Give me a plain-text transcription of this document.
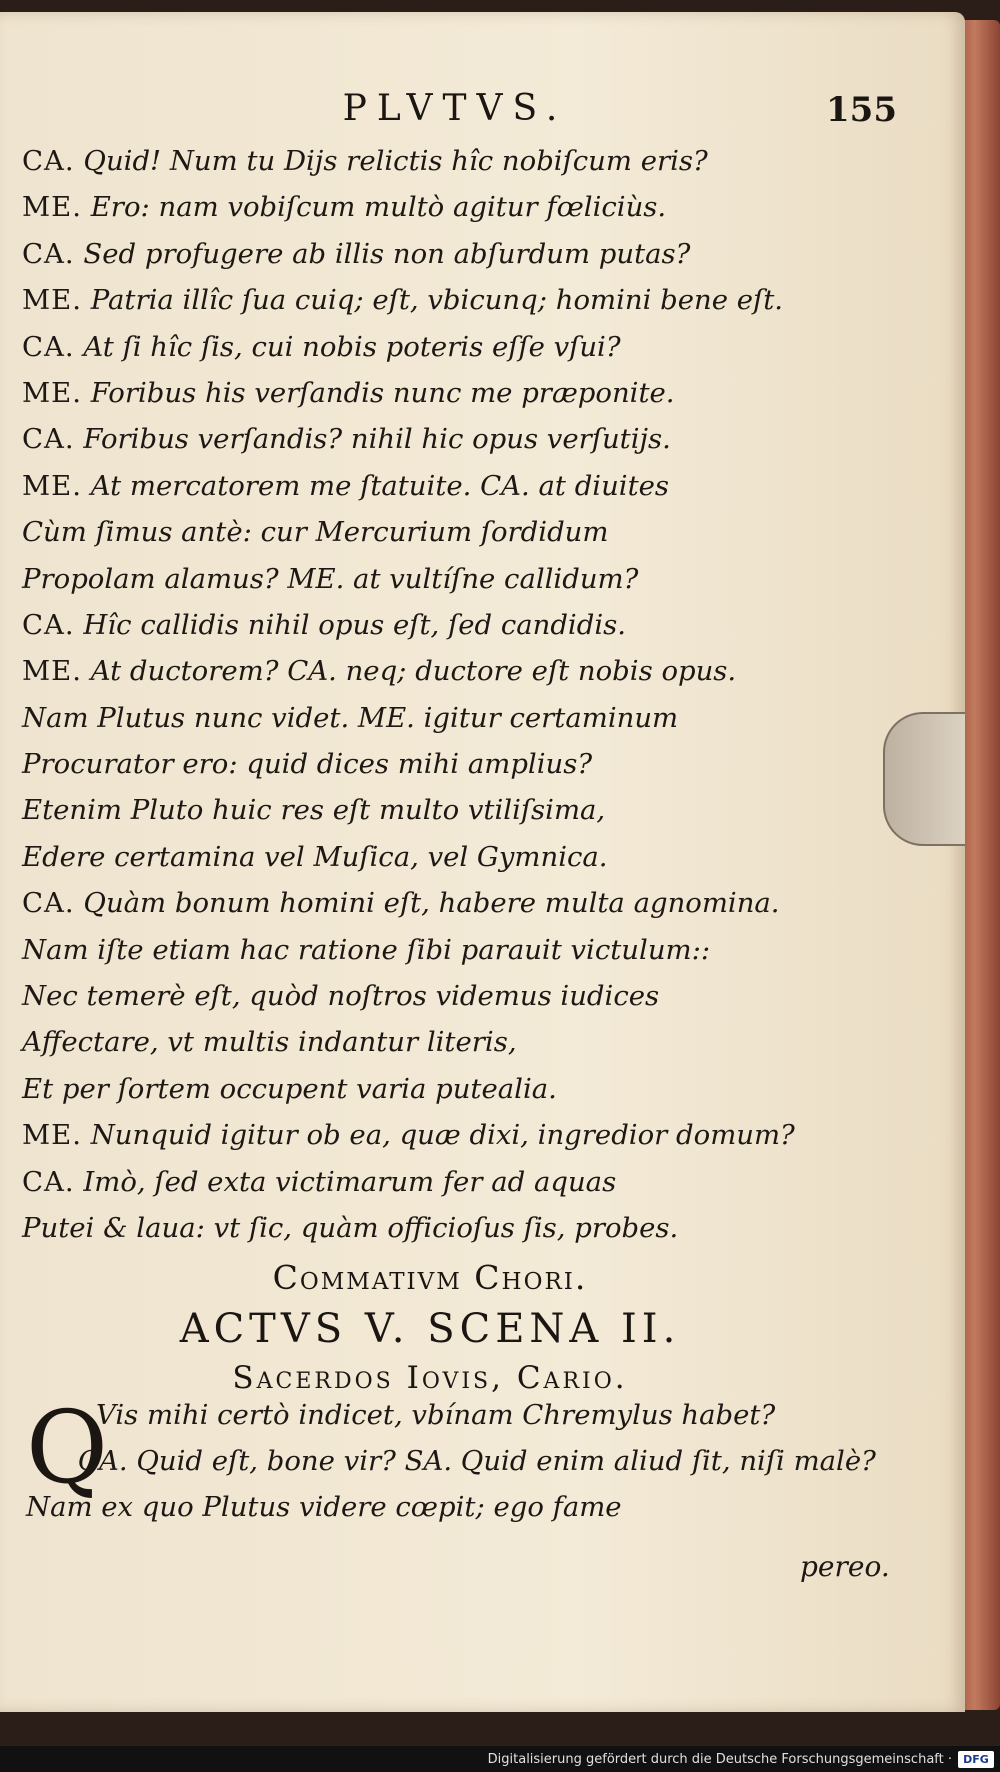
PLVTVS.	155
CA. Quid! Num tu Dijs relictis hîc nobiſcum eris?
ME. Ero: nam vobiſcum multò agitur fœliciùs.
CA. Sed profugere ab illis non abſurdum putas?
ME. Patria illîc ſua cuiq; eſt, vbicunq; homini bene eſt.
CA. At ſi hîc ſis, cui nobis poteris eſſe vſui?
ME. Foribus his verſandis nunc me præponite.
CA. Foribus verſandis? nihil hic opus verſutijs.
ME. At mercatorem me ſtatuite. CA. at diuites
Cùm ſimus antè: cur Mercurium ſordidum
Propolam alamus? ME. at vultíſne callidum?
CA. Hîc callidis nihil opus eſt, ſed candidis.
ME. At ductorem? CA. neq; ductore eſt nobis opus.
Nam Plutus nunc videt. ME. igitur certaminum
Procurator ero: quid dices mihi amplius?
Etenim Pluto huic res eſt multo vtiliſsima,
Edere certamina vel Muſica, vel Gymnica.
CA. Quàm bonum homini eſt, habere multa agnomina.
Nam iſte etiam hac ratione ſibi parauit victulum::
Nec temerè eſt, quòd noſtros videmus iudices
Affectare, vt multis indantur literis,
Et per ſortem occupent varia putealia.
ME. Nunquid igitur ob ea, quæ dixi, ingredior domum?
CA. Imò, ſed exta victimarum fer ad aquas
Putei & laua: vt ſic, quàm officioſus ſis, probes.
Commativm Chori.
ACTVS V. SCENA II.
Sacerdos Iovis, Cario.
Q
Vis mihi certò indicet, vbínam Chremylus habet?
CA. Quid eſt, bone vir? SA. Quid enim aliud ſit, niſi malè?
Nam ex quo Plutus videre cœpit; ego fame
pereo.
Digitalisierung gefördert durch die Deutsche Forschungsgemeinschaft ·	DFG
